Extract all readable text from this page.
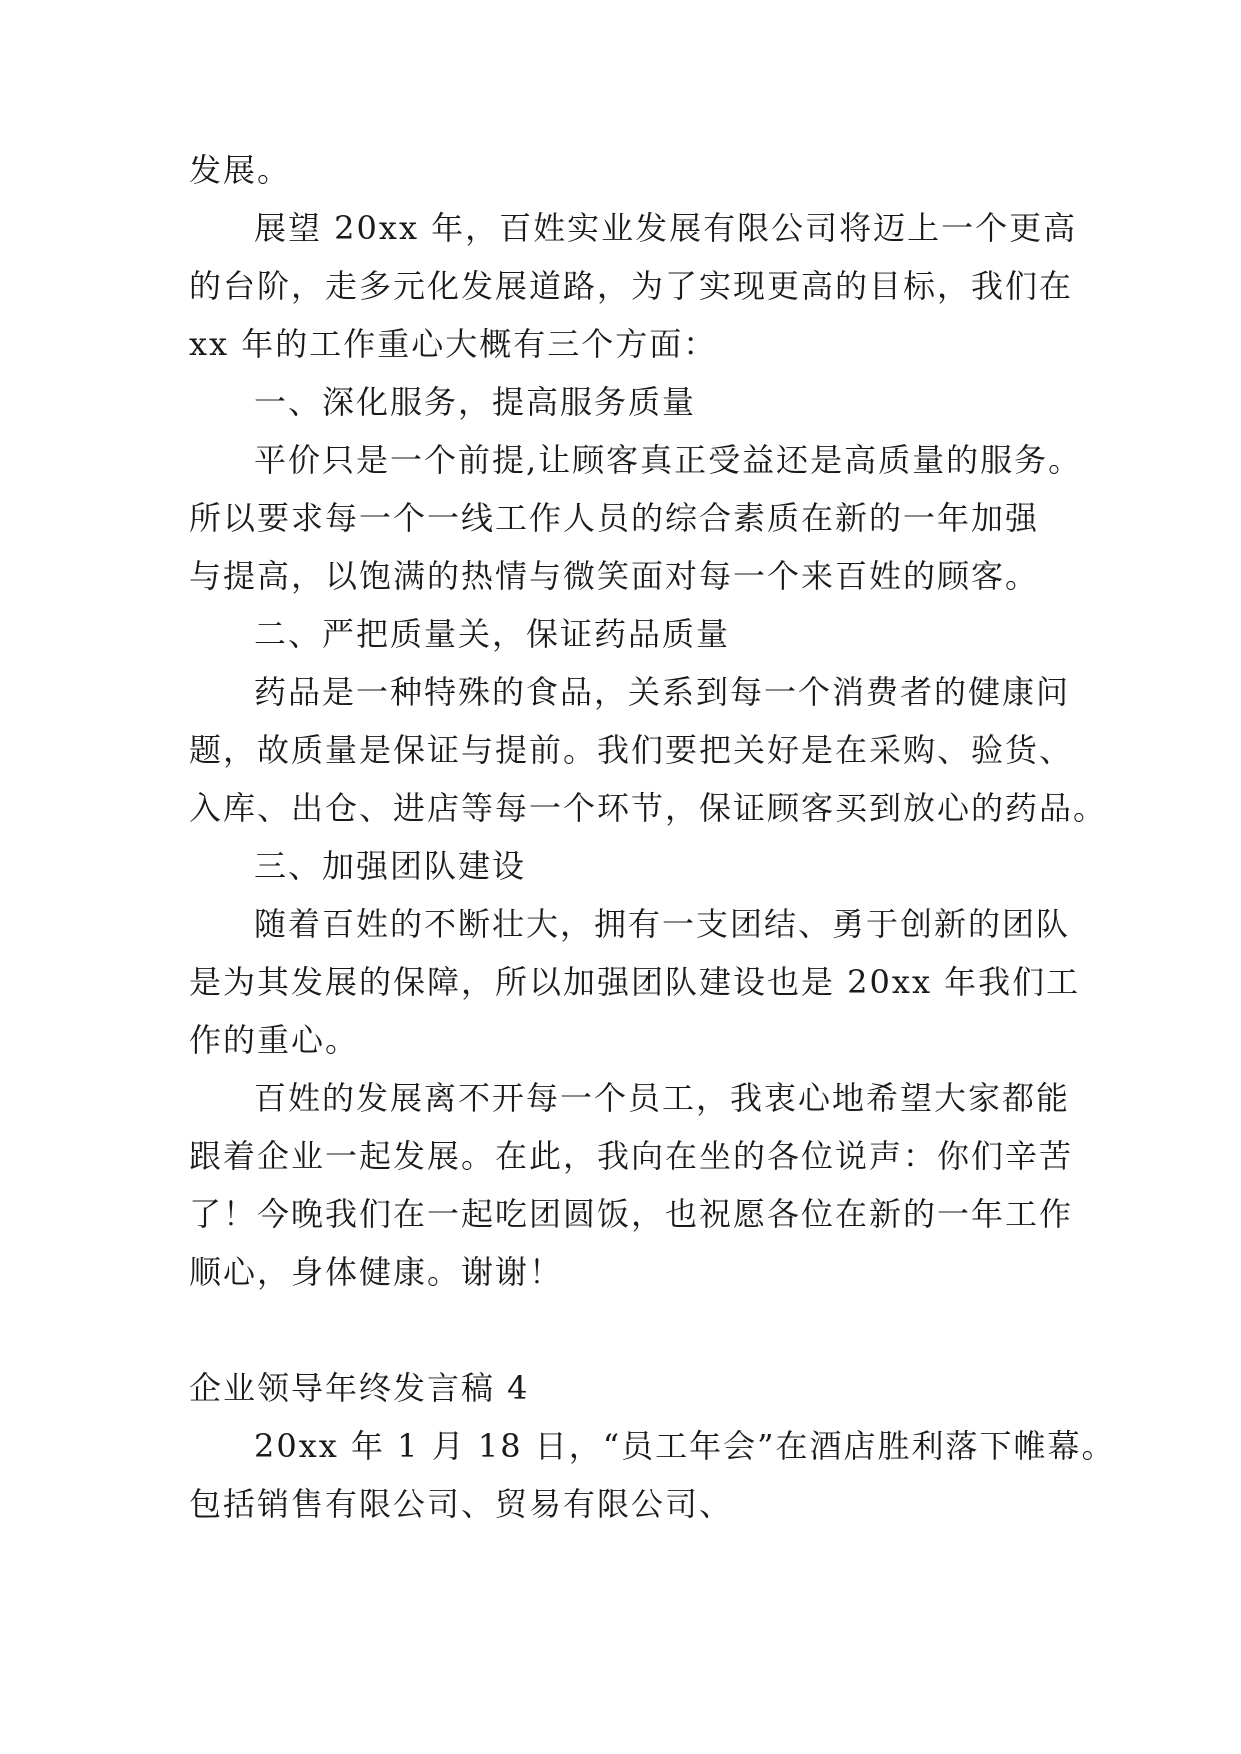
发展。
展望 20xx 年，百姓实业发展有限公司将迈上一个更高
的台阶，走多元化发展道路，为了实现更高的目标，我们在
xx 年的工作重心大概有三个方面：
一、深化服务，提高服务质量
平价只是一个前提,让顾客真正受益还是高质量的服务。
所以要求每一个一线工作人员的综合素质在新的一年加强
与提高，以饱满的热情与微笑面对每一个来百姓的顾客。
二、严把质量关，保证药品质量
药品是一种特殊的食品，关系到每一个消费者的健康问
题，故质量是保证与提前。我们要把关好是在采购、验货、
入库、出仓、进店等每一个环节，保证顾客买到放心的药品。
三、加强团队建设
随着百姓的不断壮大，拥有一支团结、勇于创新的团队
是为其发展的保障，所以加强团队建设也是 20xx 年我们工
作的重心。
百姓的发展离不开每一个员工，我衷心地希望大家都能
跟着企业一起发展。在此，我向在坐的各位说声：你们辛苦
了！今晚我们在一起吃团圆饭，也祝愿各位在新的一年工作
顺心，身体健康。谢谢！
企业领导年终发言稿 4
20xx 年 1 月 18 日，“员工年会”在酒店胜利落下帷幕。
包括销售有限公司、贸易有限公司、
